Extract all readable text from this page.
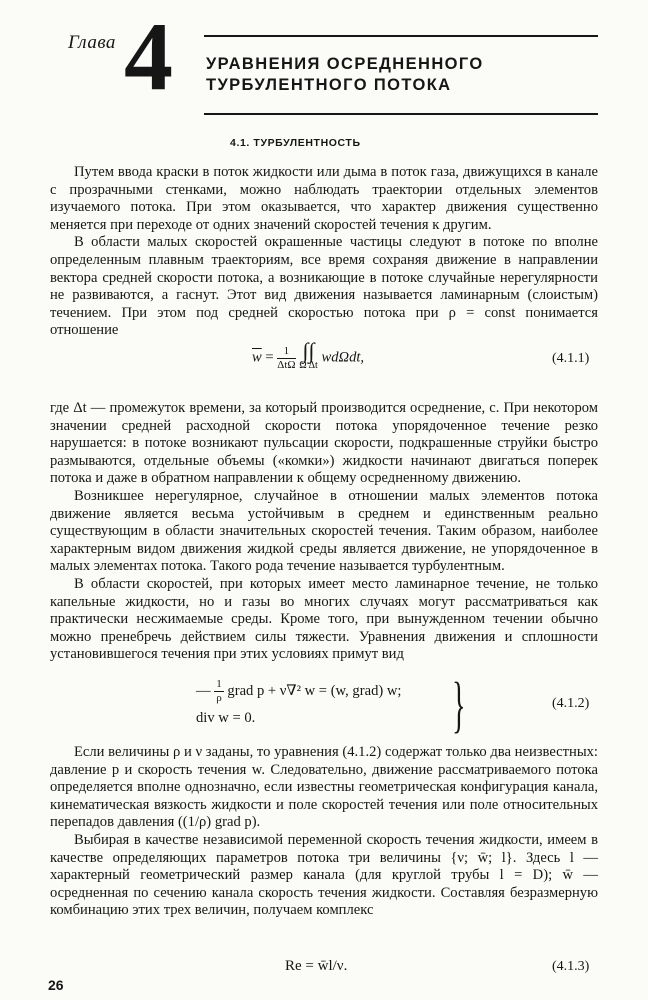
Глава 4 УРАВНЕНИЯ ОСРЕДНЕННОГО
ТУРБУЛЕНТНОГО ПОТОКА
4.1. ТУРБУЛЕНТНОСТЬ

Путем ввода краски в поток жидкости или дыма в поток газа, движущихся в канале с прозрачными стенками, можно наблюдать траектории отдельных элементов изучаемого потока. При этом оказывается, что характер движения существенно меняется при переходе от одних значений скоростей течения к другим.

В области малых скоростей окрашенные частицы следуют в потоке по вполне определенным плавным траекториям, все время сохраняя движение в направлении вектора средней скорости потока, а возникающие в потоке случайные нерегулярности не развиваются, а гаснут. Этот вид движения называется ламинарным (слоистым) течением. При этом под средней скоростью потока при ρ = const понимается отношение

$\overline{w} = \frac{1}{\text{ΔtΩ}}$
∫∫
Ω Δt
wdΩdt,	(4.1.1)

где Δt — промежуток времени, за который производится осреднение, с. При некотором значении средней расходной скорости потока упорядоченное течение резко нарушается: в потоке возникают пульсации скорости, подкрашенные струйки быстро размываются, отдельные объемы («комки») жидкости начинают двигаться поперек потока и даже в обратном направлении к общему осредненному движению.

Возникшее нерегулярное, случайное в отношении малых элементов потока движение является весьма устойчивым в среднем и единственным реально существующим в области значительных скоростей течения. Таким образом, наиболее характерным видом движения жидкой среды является движение, не упорядоченное в малых элементах потока. Такого рода течение называется турбулентным.

В области скоростей, при которых имеет место ламинарное течение, не только капельные жидкости, но и газы во многих случаях могут рассматриваться как практически несжимаемые среды. Кроме того, при вынужденном течении обычно можно пренебречь действием силы тяжести. Уравнения движения и сплошности установившегося течения при этих условиях примут вид

— $\frac{1}{\rho}$ grad p + ν∇² w = (w, grad) w;
div w = 0.	}	(4.1.2)

Если величины ρ и ν заданы, то уравнения (4.1.2) содержат только два неизвестных: давление p и скорость течения w. Следовательно, движение рассматриваемого потока определяется вполне однозначно, если известны геометрическая конфигурация канала, кинематическая вязкость жидкости и поле скоростей течения или поле относительных перепадов давления ((1/ρ) grad p).

Выбирая в качестве независимой переменной скорость течения жидкости, имеем в качестве определяющих параметров потока три величины {ν; w̄; l}. Здесь l — характерный геометрический размер канала (для круглой трубы l = D); w̄ — осредненная по сечению канала скорость течения жидкости. Составляя безразмерную комбинацию этих трех величин, получаем комплекс

Re = w̄l/ν.	(4.1.3)
26
